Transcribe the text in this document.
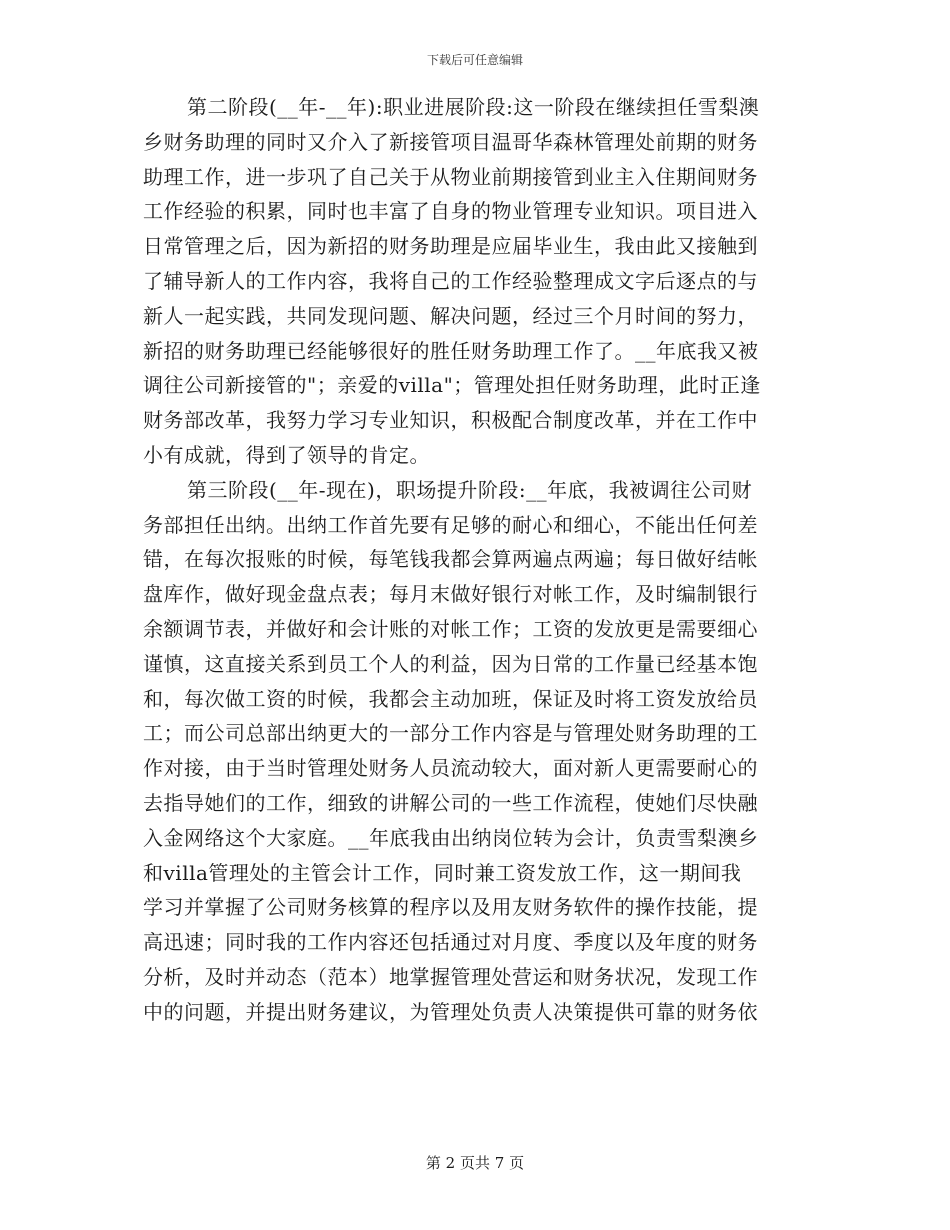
下载后可任意编辑
第二阶段(__年-__年):职业进展阶段:这一阶段在继续担任雪梨澳
乡财务助理的同时又介入了新接管项目温哥华森林管理处前期的财务
助理工作，进一步巩了自己关于从物业前期接管到业主入住期间财务
工作经验的积累，同时也丰富了自身的物业管理专业知识。项目进入
日常管理之后，因为新招的财务助理是应届毕业生，我由此又接触到
了辅导新人的工作内容，我将自己的工作经验整理成文字后逐点的与
新人一起实践，共同发现问题、解决问题，经过三个月时间的努力，
新招的财务助理已经能够很好的胜任财务助理工作了。__年底我又被
调往公司新接管的"；亲爱的villa"；管理处担任财务助理，此时正逢
财务部改革，我努力学习专业知识，积极配合制度改革，并在工作中
小有成就，得到了领导的肯定。
第三阶段(__年-现在)，职场提升阶段:__年底，我被调往公司财
务部担任出纳。出纳工作首先要有足够的耐心和细心，不能出任何差
错，在每次报账的时候，每笔钱我都会算两遍点两遍；每日做好结帐
盘库作，做好现金盘点表；每月末做好银行对帐工作，及时编制银行
余额调节表，并做好和会计账的对帐工作；工资的发放更是需要细心
谨慎，这直接关系到员工个人的利益，因为日常的工作量已经基本饱
和，每次做工资的时候，我都会主动加班，保证及时将工资发放给员
工；而公司总部出纳更大的一部分工作内容是与管理处财务助理的工
作对接，由于当时管理处财务人员流动较大，面对新人更需要耐心的
去指导她们的工作，细致的讲解公司的一些工作流程，使她们尽快融
入金网络这个大家庭。__年底我由出纳岗位转为会计，负责雪梨澳乡
和villa管理处的主管会计工作，同时兼工资发放工作，这一期间我
学习并掌握了公司财务核算的程序以及用友财务软件的操作技能，提
高迅速；同时我的工作内容还包括通过对月度、季度以及年度的财务
分析，及时并动态（范本）地掌握管理处营运和财务状况，发现工作
中的问题，并提出财务建议，为管理处负责人决策提供可靠的财务依
第 2 页共 7 页
